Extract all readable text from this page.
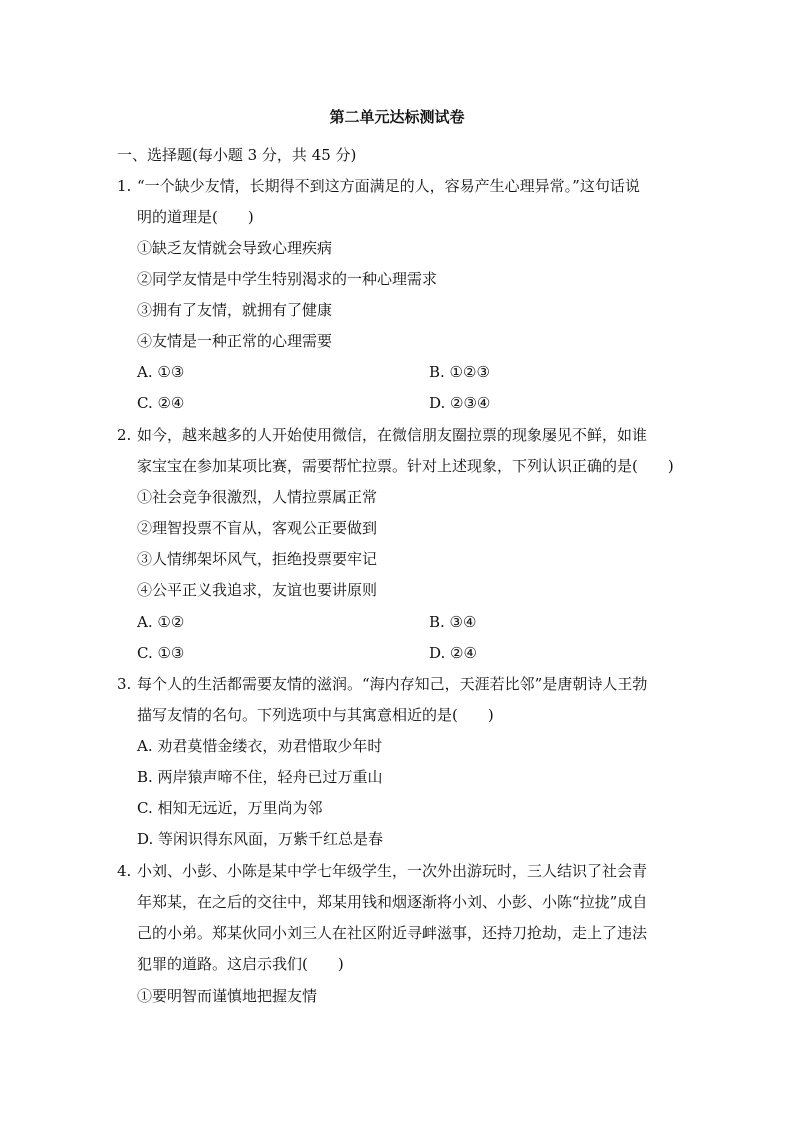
第二单元达标测试卷
一、选择题(每小题 3 分，共 45 分)
1. “一个缺少友情，长期得不到这方面满足的人，容易产生心理异常。”这句话说
明的道理是(　　)
①缺乏友情就会导致心理疾病
②同学友情是中学生特别渴求的一种心理需求
③拥有了友情，就拥有了健康
④友情是一种正常的心理需要
A. ①③	B. ①②③
C. ②④	D. ②③④
2. 如今，越来越多的人开始使用微信，在微信朋友圈拉票的现象屡见不鲜，如谁
家宝宝在参加某项比赛，需要帮忙拉票。针对上述现象，下列认识正确的是(　　)
①社会竞争很激烈，人情拉票属正常
②理智投票不盲从，客观公正要做到
③人情绑架坏风气，拒绝投票要牢记
④公平正义我追求，友谊也要讲原则
A. ①②	B. ③④
C. ①③	D. ②④
3. 每个人的生活都需要友情的滋润。“海内存知己，天涯若比邻”是唐朝诗人王勃
描写友情的名句。下列选项中与其寓意相近的是(　　)
A. 劝君莫惜金缕衣，劝君惜取少年时
B. 两岸猿声啼不住，轻舟已过万重山
C. 相知无远近，万里尚为邻
D. 等闲识得东风面，万紫千红总是春
4. 小刘、小彭、小陈是某中学七年级学生，一次外出游玩时，三人结识了社会青
年郑某，在之后的交往中，郑某用钱和烟逐渐将小刘、小彭、小陈“拉拢”成自
己的小弟。郑某伙同小刘三人在社区附近寻衅滋事，还持刀抢劫，走上了违法
犯罪的道路。这启示我们(　　)
①要明智而谨慎地把握友情
